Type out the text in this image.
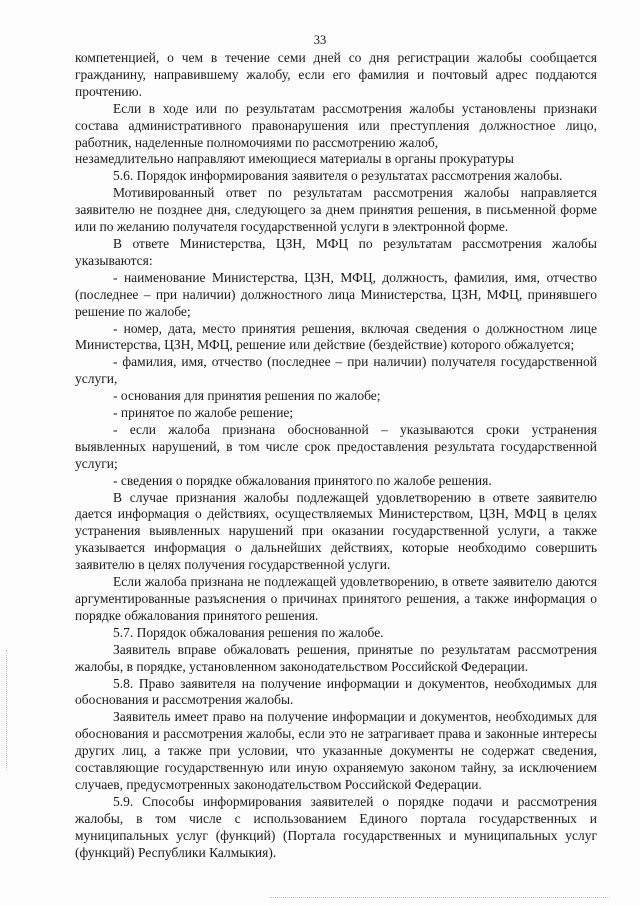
33

компетенцией, о чем в течение семи дней со дня регистрации жалобы сообщается гражданину, направившему жалобу, если его фамилия и почтовый адрес поддаются прочтению.

Если в ходе или по результатам рассмотрения жалобы установлены признаки состава административного правонарушения или преступления должностное лицо, работник, наделенные полномочиями по рассмотрению жалоб,

незамедлительно направляют имеющиеся материалы в органы прокуратуры

5.6. Порядок информирования заявителя о результатах рассмотрения жалобы.

Мотивированный ответ по результатам рассмотрения жалобы направляется заявителю не позднее дня, следующего за днем принятия решения, в письменной форме или по желанию получателя государственной услуги в электронной форме.

В ответе Министерства, ЦЗН, МФЦ по результатам рассмотрения жалобы указываются:

- наименование Министерства, ЦЗН, МФЦ, должность, фамилия, имя, отчество (последнее – при наличии) должностного лица Министерства, ЦЗН, МФЦ, принявшего решение по жалобе;

- номер, дата, место принятия решения, включая сведения о должностном лице Министерства, ЦЗН, МФЦ, решение или действие (бездействие) которого обжалуется;

- фамилия, имя, отчество (последнее – при наличии) получателя государственной услуги,

- основания для принятия решения по жалобе;

- принятое по жалобе решение;

- если жалоба признана обоснованной – указываются сроки устранения выявленных нарушений, в том числе срок предоставления результата государственной услуги;

- сведения о порядке обжалования принятого по жалобе решения.

В случае признания жалобы подлежащей удовлетворению в ответе заявителю дается информация о действиях, осуществляемых Министерством, ЦЗН, МФЦ в целях устранения выявленных нарушений при оказании государственной услуги, а также указывается информация о дальнейших действиях, которые необходимо совершить заявителю в целях получения государственной услуги.

Если жалоба признана не подлежащей удовлетворению, в ответе заявителю даются аргументированные разъяснения о причинах принятого решения, а также информация о порядке обжалования принятого решения.

5.7. Порядок обжалования решения по жалобе.

Заявитель вправе обжаловать решения, принятые по результатам рассмотрения жалобы, в порядке, установленном законодательством Российской Федерации.

5.8. Право заявителя на получение информации и документов, необходимых для обоснования и рассмотрения жалобы.

Заявитель имеет право на получение информации и документов, необходимых для обоснования и рассмотрения жалобы, если это не затрагивает права и законные интересы других лиц, а также при условии, что указанные документы не содержат сведения, составляющие государственную или иную охраняемую законом тайну, за исключением случаев, предусмотренных законодательством Российской Федерации.

5.9. Способы информирования заявителей о порядке подачи и рассмотрения жалобы, в том числе с использованием Единого портала государственных и муниципальных услуг (функций) (Портала государственных и муниципальных услуг (функций) Республики Калмыкия).
